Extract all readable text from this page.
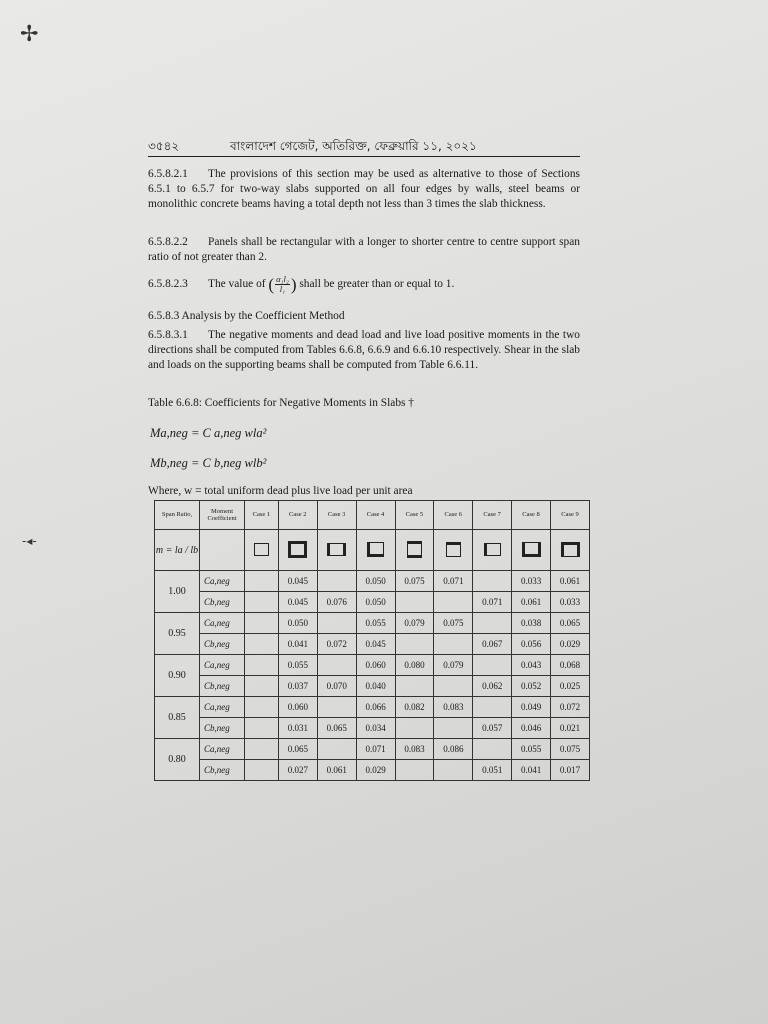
✢
-◂-
৩৫৪২	বাংলাদেশ গেজেট, অতিরিক্ত, ফেব্রুয়ারি ১১, ২০২১
6.5.8.2.1 The provisions of this section may be used as alternative to those of Sections 6.5.1 to 6.5.7 for two-way slabs supported on all four edges by walls, steel beams or monolithic concrete beams having a total depth not less than 3 times the slab thickness.
6.5.8.2.2 Panels shall be rectangular with a longer to shorter centre to centre support span ratio of not greater than 2.
6.5.8.2.3 The value of ( $\frac{\text{α₁l₂}}{\text{l₁}}$ ) shall be greater than or equal to 1.
6.5.8.3 Analysis by the Coefficient Method
6.5.8.3.1 The negative moments and dead load and live load positive moments in the two directions shall be computed from Tables 6.6.8, 6.6.9 and 6.6.10 respectively. Shear in the slab and loads on the supporting beams shall be computed from Table 6.6.11.
Table 6.6.8: Coefficients for Negative Moments in Slabs †
Ma,neg = C a,neg wla²
Mb,neg = C b,neg wlb²
Where, w = total uniform dead plus live load per unit area
Span Ratio,	Moment Coefficient	Case 1	Case 2	Case 3	Case 4	Case 5	Case 6	Case 7	Case 8	Case 9
m = la / lb										
1.00	Ca,neg		0.045		0.050	0.075	0.071		0.033	0.061
	Cb,neg		0.045	0.076	0.050			0.071	0.061	0.033
0.95	Ca,neg		0.050		0.055	0.079	0.075		0.038	0.065
	Cb,neg		0.041	0.072	0.045			0.067	0.056	0.029
0.90	Ca,neg		0.055		0.060	0.080	0.079		0.043	0.068
	Cb,neg		0.037	0.070	0.040			0.062	0.052	0.025
0.85	Ca,neg		0.060		0.066	0.082	0.083		0.049	0.072
	Cb,neg		0.031	0.065	0.034			0.057	0.046	0.021
0.80	Ca,neg		0.065		0.071	0.083	0.086		0.055	0.075
	Cb,neg		0.027	0.061	0.029			0.051	0.041	0.017
